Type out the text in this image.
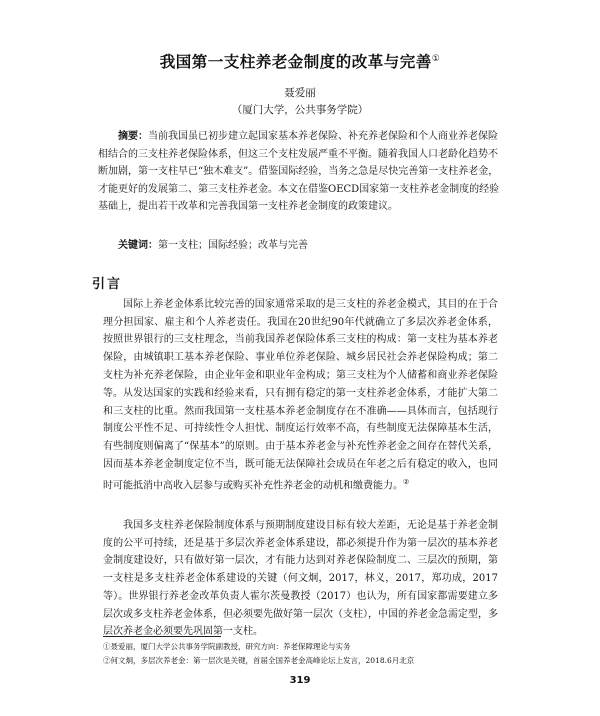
我国第一支柱养老金制度的改革与完善①
聂爱丽
（厦门大学，公共事务学院）

摘要：当前我国虽已初步建立起国家基本养老保险、补充养老保险和个人商业养老保险相结合的三支柱养老保险体系，但这三个支柱发展严重不平衡。随着我国人口老龄化趋势不断加剧，第一支柱早已“独木难支”。借鉴国际经验，当务之急是尽快完善第一支柱养老金，才能更好的发展第二、第三支柱养老金。本文在借鉴OECD国家第一支柱养老金制度的经验基础上，提出若干改革和完善我国第一支柱养老金制度的政策建议。

关键词：第一支柱；国际经验；改革与完善
引言

国际上养老金体系比较完善的国家通常采取的是三支柱的养老金模式，其目的在于合理分担国家、雇主和个人养老责任。我国在20世纪90年代就确立了多层次养老金体系，按照世界银行的三支柱理念，当前我国养老保险体系三支柱的构成：第一支柱为基本养老保险，由城镇职工基本养老保险、事业单位养老保险、城乡居民社会养老保险构成；第二支柱为补充养老保险，由企业年金和职业年金构成；第三支柱为个人储蓄和商业养老保险等。 从发达国家的实践和经验来看，只有拥有稳定的第一支柱养老金体系，才能扩大第二和三支柱的比重。然而我国第一支柱基本养老金制度存在不准确——具体而言，包括现行制度公平性不足、可持续性令人担忧、制度运行效率不高，有些制度无法保障基本生活，有些制度则偏离了“保基本”的原则。由于基本养老金与补充性养老金之间存在替代关系，因而基本养老金制度定位不当，既可能无法保障社会成员在年老之后有稳定的收入，也同时可能抵消中高收入层参与或购买补充性养老金的动机和缴费能力。②

我国多支柱养老保险制度体系与预期制度建设目标有较大差距，无论是基于养老金制度的公平可持续，还是基于多层次养老金体系建设，都必须提升作为第一层次的基本养老金制度建设好，只有做好第一层次，才有能力达到对养老保险制度二、三层次的预期，第一支柱是多支柱养老金体系建设的关键（何文炯，2017，林义，2017，郑功成，2017等）。世界银行养老金改革负责人霍尔茨曼教授（2017）也认为，所有国家都需要建立多层次或多支柱养老金体系，但必须要先做好第一层次（支柱），中国的养老金急需定型，多层次养老金必须要先巩固第一支柱。

①聂爱丽，厦门大学公共事务学院副教授，研究方向：养老保障理论与实务
②何文炯，多层次养老金：第一层次是关键，首届全国养老金高峰论坛上发言，2018.6月北京
319
